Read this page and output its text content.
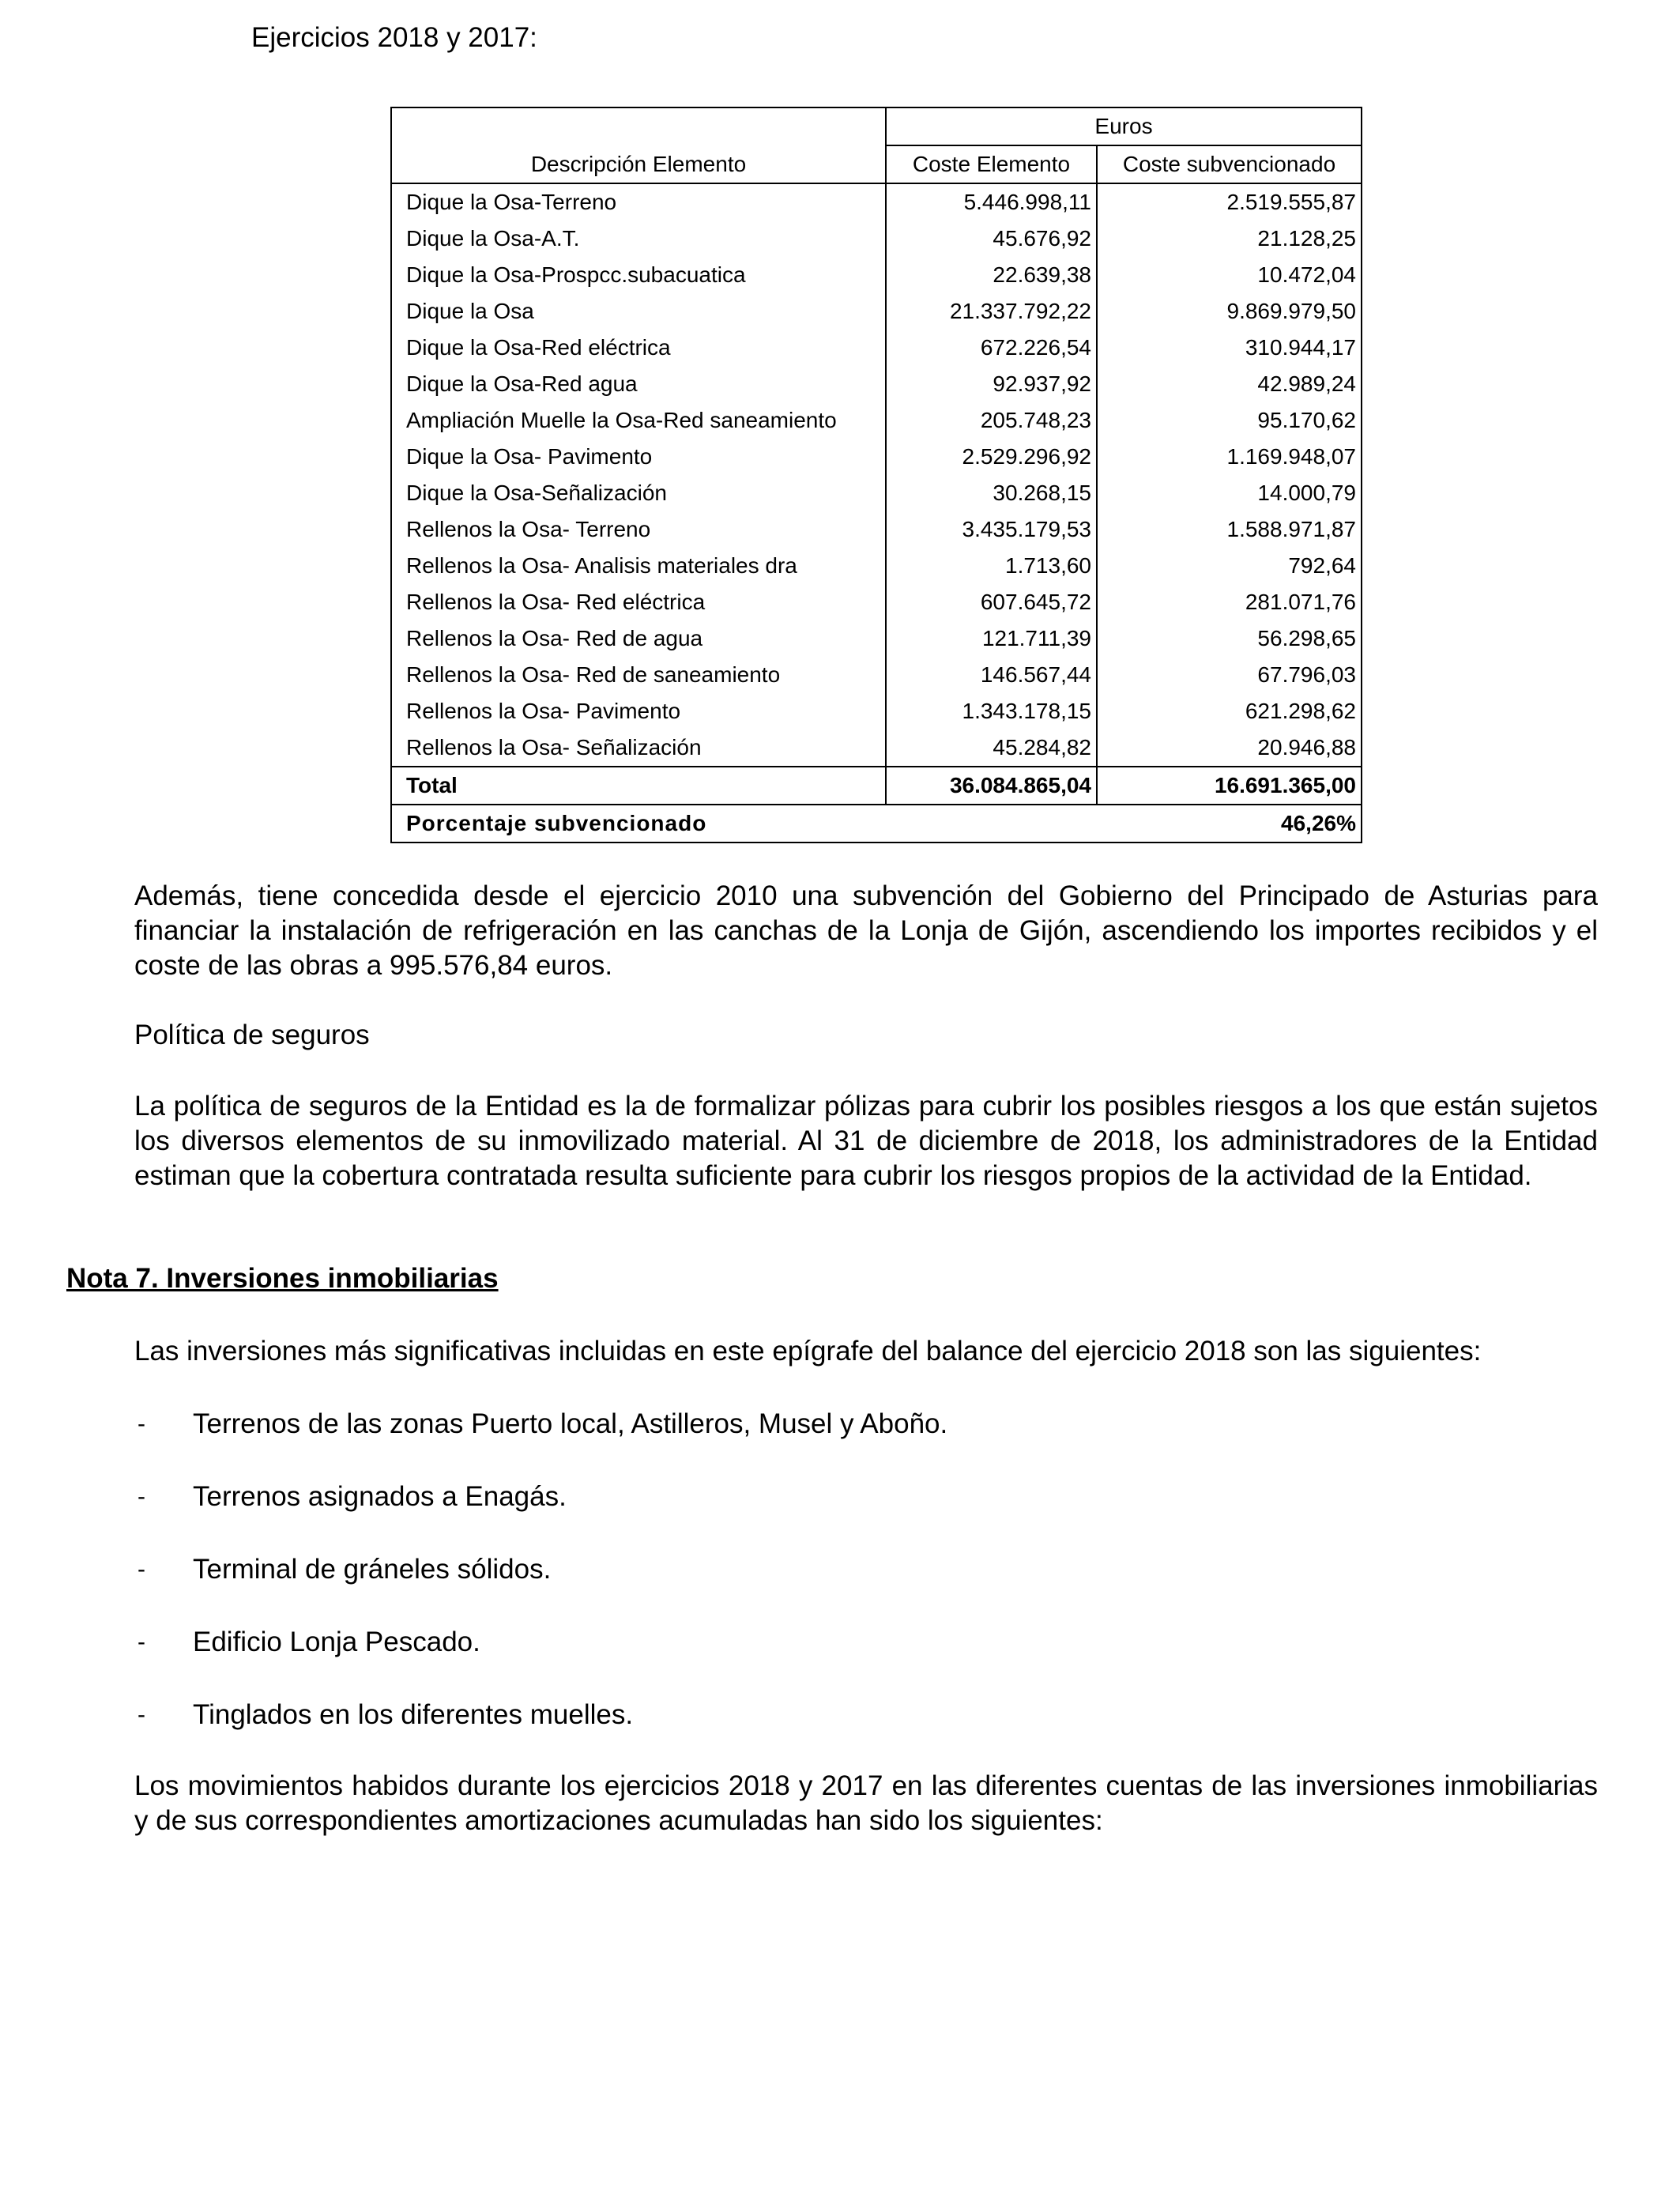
Ejercicios 2018 y 2017:
	Euros	
Descripción Elemento	Coste Elemento	Coste subvencionado
Dique la Osa-Terreno	5.446.998,11	2.519.555,87
Dique la Osa-A.T.	45.676,92	21.128,25
Dique la Osa-Prospcc.subacuatica	22.639,38	10.472,04
Dique la Osa	21.337.792,22	9.869.979,50
Dique la Osa-Red eléctrica	672.226,54	310.944,17
Dique la Osa-Red agua	92.937,92	42.989,24
Ampliación Muelle la Osa-Red saneamiento	205.748,23	95.170,62
Dique la Osa- Pavimento	2.529.296,92	1.169.948,07
Dique la Osa-Señalización	30.268,15	14.000,79
Rellenos la Osa- Terreno	3.435.179,53	1.588.971,87
Rellenos la Osa- Analisis materiales dra	1.713,60	792,64
Rellenos la Osa- Red eléctrica	607.645,72	281.071,76
Rellenos la Osa- Red de agua	121.711,39	56.298,65
Rellenos la Osa- Red de saneamiento	146.567,44	67.796,03
Rellenos la Osa- Pavimento	1.343.178,15	621.298,62
Rellenos la Osa- Señalización	45.284,82	20.946,88
Total	36.084.865,04	16.691.365,00
Porcentaje subvencionado		46,26%
Además, tiene concedida desde el ejercicio 2010 una subvención del Gobierno del Principado de Asturias para financiar la instalación de refrigeración en las canchas de la Lonja de Gijón, ascendiendo los importes recibidos y el coste de las obras a 995.576,84 euros.
Política de seguros
La política de seguros de la Entidad es la de formalizar pólizas para cubrir los posibles riesgos a los que están sujetos los diversos elementos de su inmovilizado material. Al 31 de diciembre de 2018, los administradores de la Entidad estiman que la cobertura contratada resulta suficiente para cubrir los riesgos propios de la actividad de la Entidad.
Nota 7. Inversiones inmobiliarias
Las inversiones más significativas incluidas en este epígrafe del balance del ejercicio 2018 son las siguientes:
- Terrenos de las zonas Puerto local, Astilleros, Musel y Aboño.
- Terrenos asignados a Enagás.
- Terminal de gráneles sólidos.
- Edificio Lonja Pescado.
- Tinglados en los diferentes muelles.
Los movimientos habidos durante los ejercicios 2018 y 2017 en las diferentes cuentas de las inversiones inmobiliarias y de sus correspondientes amortizaciones acumuladas han sido los siguientes:
